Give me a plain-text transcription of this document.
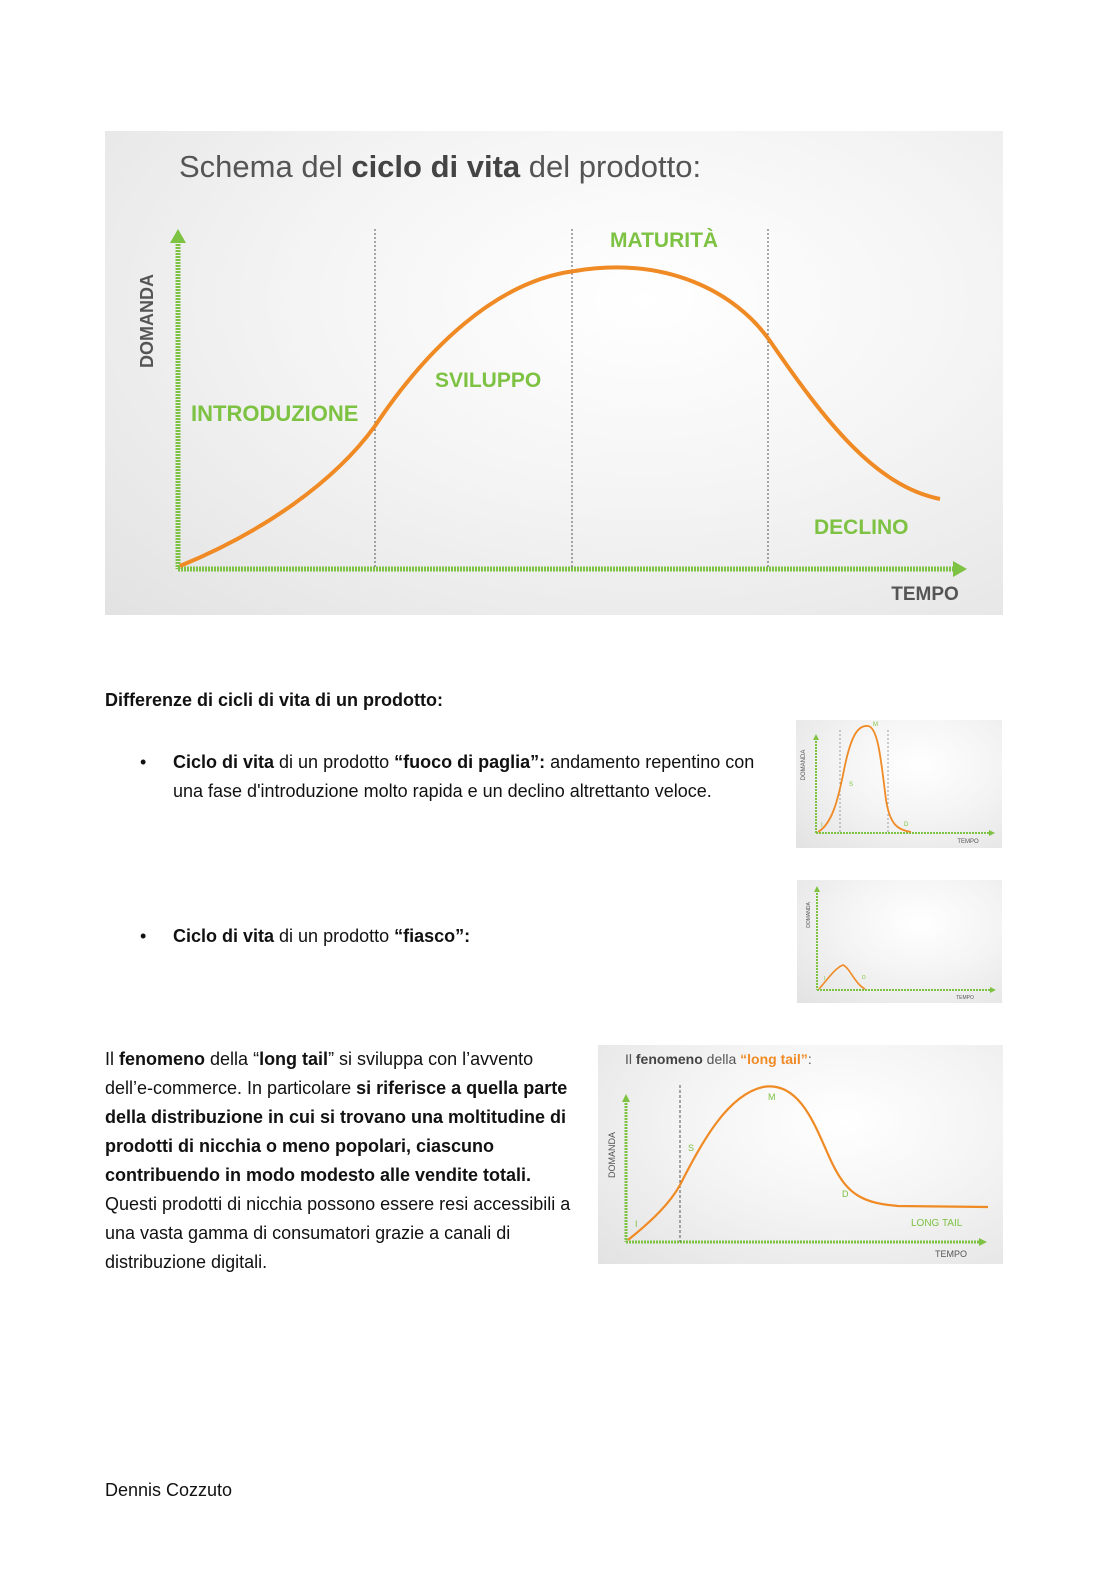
Schema del ciclo di vita del prodotto:
DOMANDA
TEMPO
INTRODUZIONE
SVILUPPO
MATURITÀ
DECLINO
Differenze di cicli di vita di un prodotto:
• Ciclo di vita di un prodotto “fuoco di paglia”: andamento repentino con una fase d'introduzione molto rapida e un declino altrettanto veloce.
DOMANDA
TEMPO
I
S
M
D
• Ciclo di vita di un prodotto “fiasco”:
DOMANDA
TEMPO
I	D
Il fenomeno della “long tail” si sviluppa con l’avvento dell’e-commerce. In particolare si riferisce a quella parte della distribuzione in cui si trovano una moltitudine di prodotti di nicchia o meno popolari, ciascuno contribuendo in modo modesto alle vendite totali. Questi prodotti di nicchia possono essere resi accessibili a una vasta gamma di consumatori grazie a canali di distribuzione digitali.
Il fenomeno della “long tail”:
DOMANDA
TEMPO
I
S
M
D
LONG TAIL
Dennis Cozzuto
